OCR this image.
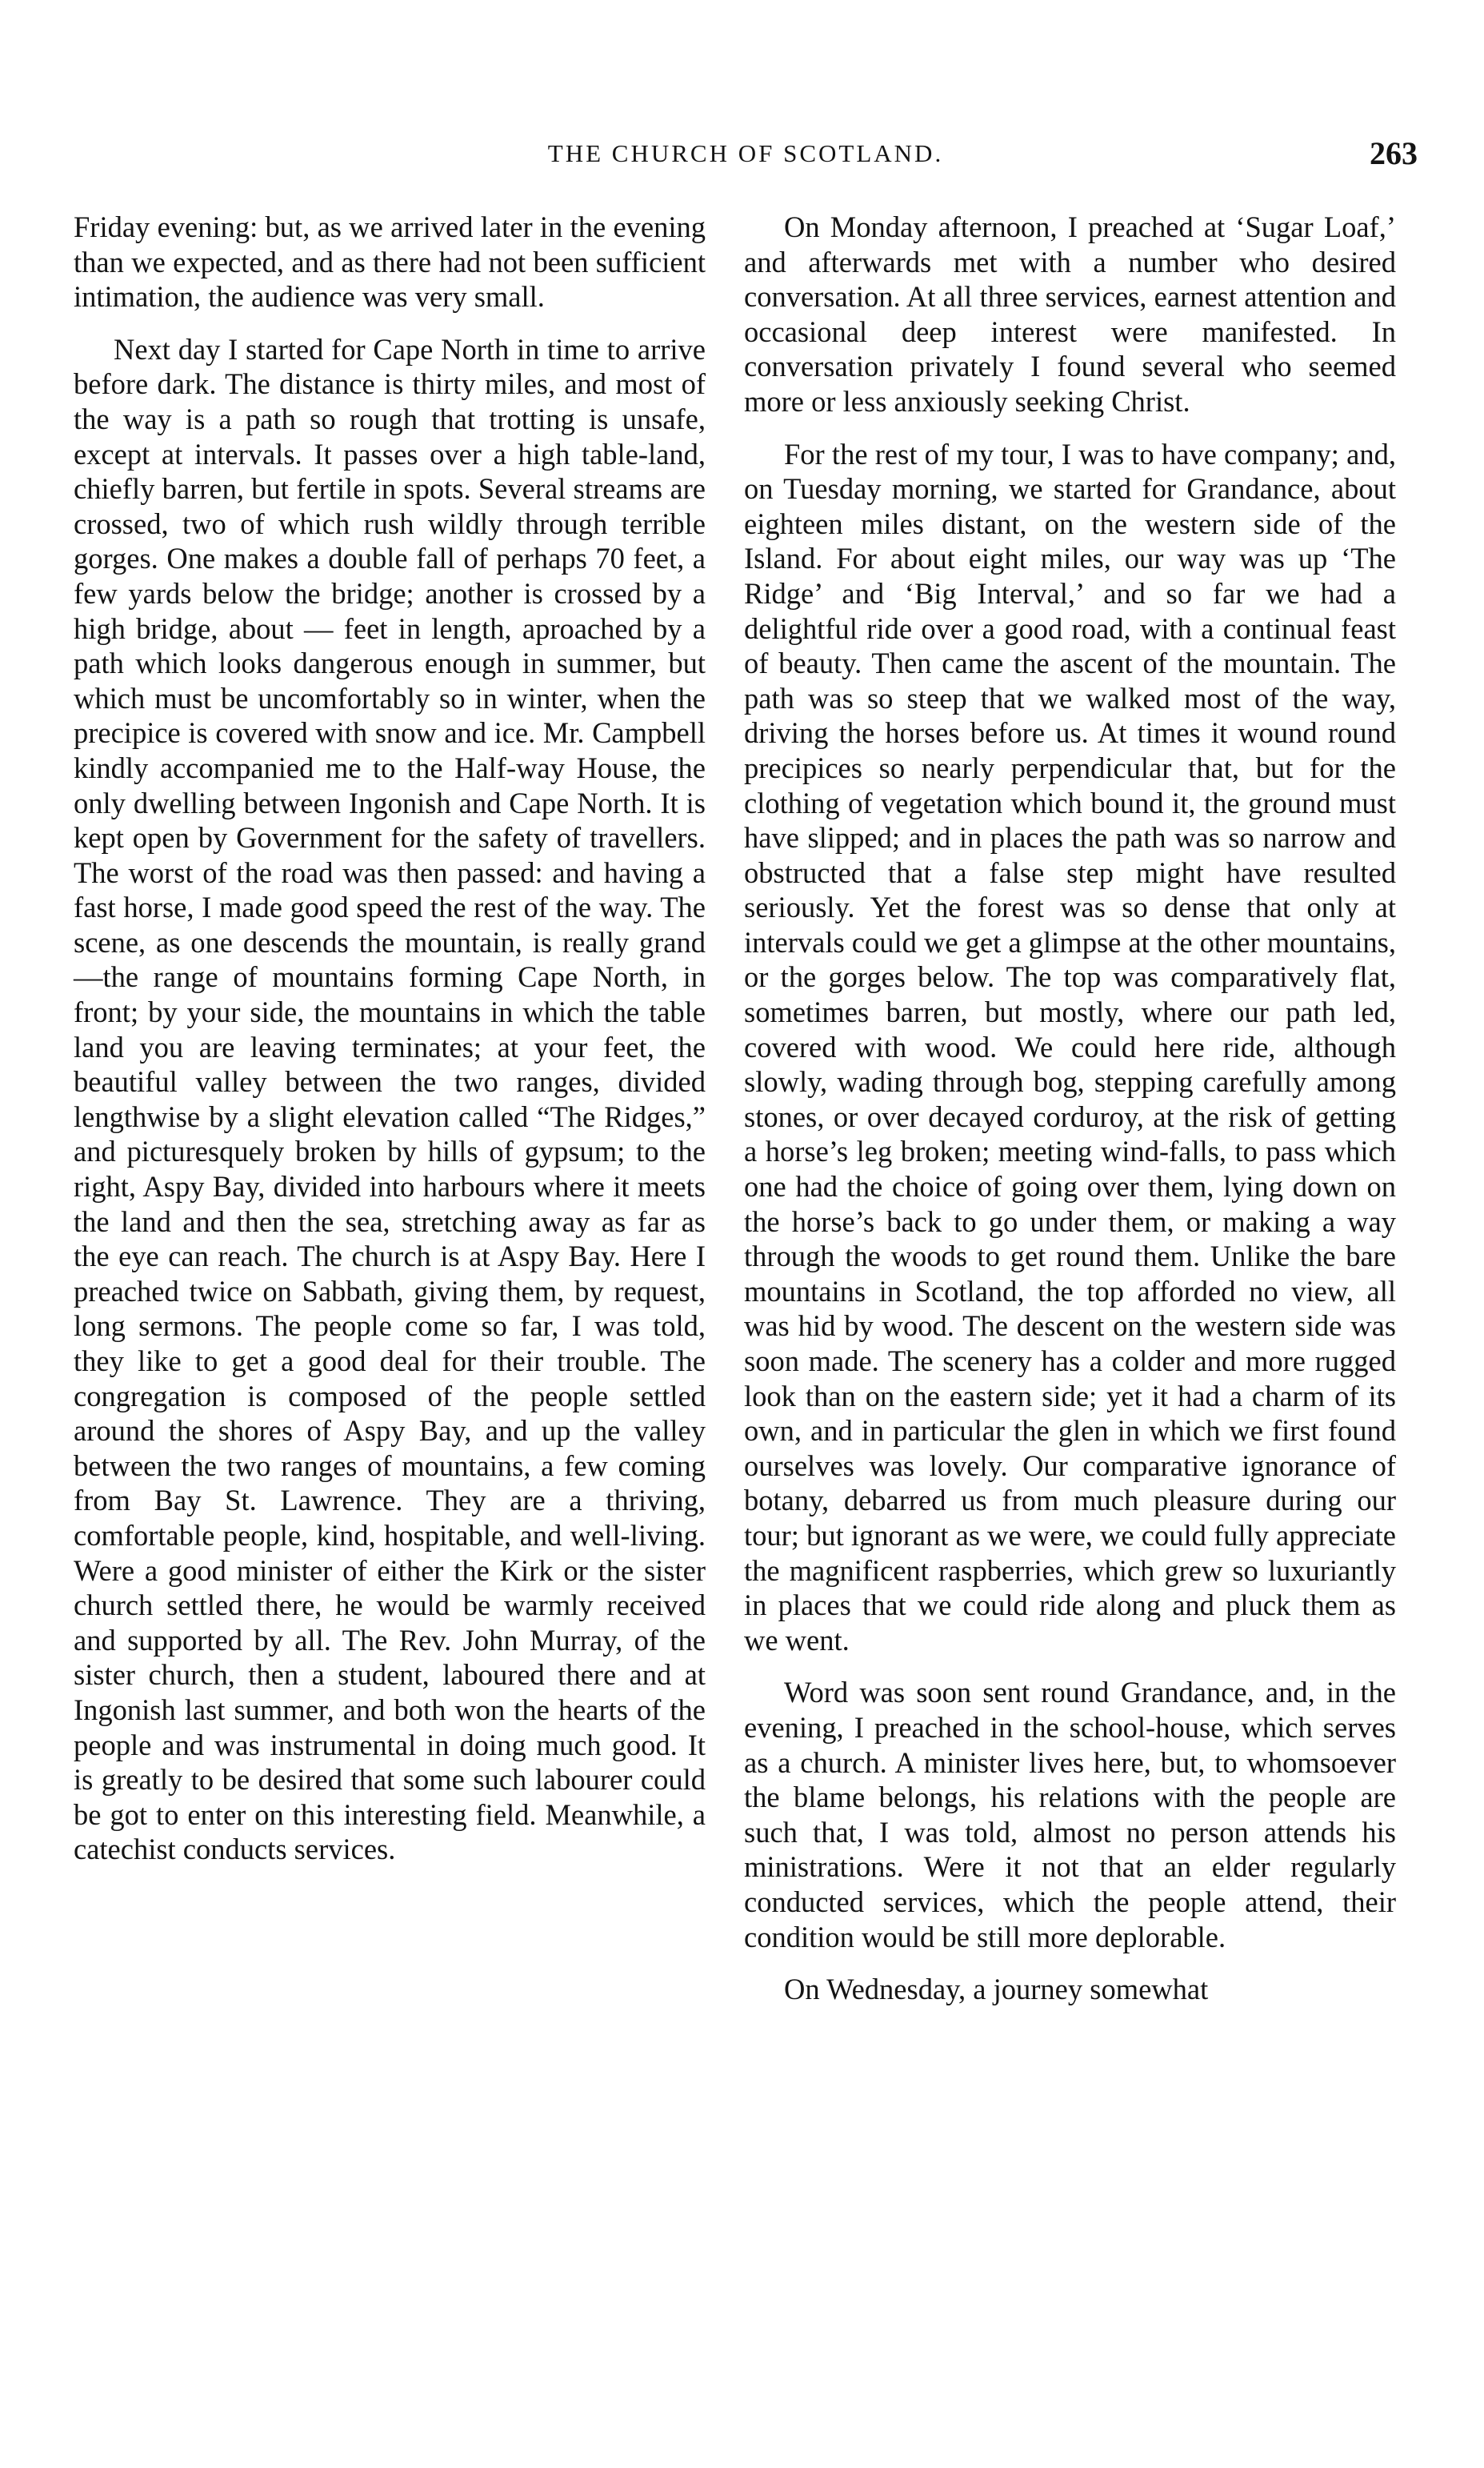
THE CHURCH OF SCOTLAND.	263

Friday evening: but, as we arrived later in the evening than we expected, and as there had not been sufficient intimation, the audience was very small.

Next day I started for Cape North in time to arrive before dark. The distance is thirty miles, and most of the way is a path so rough that trotting is unsafe, except at intervals. It passes over a high table-land, chiefly barren, but fertile in spots. Several streams are crossed, two of which rush wildly through terrible gorges. One makes a double fall of perhaps 70 feet, a few yards below the bridge; another is crossed by a high bridge, about — feet in length, aproached by a path which looks dangerous enough in summer, but which must be uncomfortably so in winter, when the precipice is covered with snow and ice. Mr. Campbell kindly accompanied me to the Half-way House, the only dwelling between Ingonish and Cape North. It is kept open by Government for the safety of travellers. The worst of the road was then passed: and having a fast horse, I made good speed the rest of the way. The scene, as one descends the mountain, is really grand—the range of mountains forming Cape North, in front; by your side, the mountains in which the table land you are leaving terminates; at your feet, the beautiful valley between the two ranges, divided lengthwise by a slight elevation called “The Ridges,” and picturesquely broken by hills of gypsum; to the right, Aspy Bay, divided into harbours where it meets the land and then the sea, stretching away as far as the eye can reach. The church is at Aspy Bay. Here I preached twice on Sabbath, giving them, by request, long sermons. The people come so far, I was told, they like to get a good deal for their trouble. The congregation is composed of the people settled around the shores of Aspy Bay, and up the valley between the two ranges of mountains, a few coming from Bay St. Lawrence. They are a thriving, comfortable people, kind, hospitable, and well-living. Were a good minister of either the Kirk or the sister church settled there, he would be warmly received and supported by all. The Rev. John Murray, of the sister church, then a student, laboured there and at Ingonish last summer, and both won the hearts of the people and was instrumental in doing much good. It is greatly to be desired that some such labourer could be got to enter on this interesting field. Meanwhile, a catechist conducts services.

On Monday afternoon, I preached at ‘Sugar Loaf,’ and afterwards met with a number who desired conversation. At all three services, earnest attention and occasional deep interest were manifested. In conversation privately I found several who seemed more or less anxiously seeking Christ.

For the rest of my tour, I was to have company; and, on Tuesday morning, we started for Grandance, about eighteen miles distant, on the western side of the Island. For about eight miles, our way was up ‘The Ridge’ and ‘Big Interval,’ and so far we had a delightful ride over a good road, with a continual feast of beauty. Then came the ascent of the mountain. The path was so steep that we walked most of the way, driving the horses before us. At times it wound round precipices so nearly perpendicular that, but for the clothing of vegetation which bound it, the ground must have slipped; and in places the path was so narrow and obstructed that a false step might have resulted seriously. Yet the forest was so dense that only at intervals could we get a glimpse at the other mountains, or the gorges below. The top was comparatively flat, sometimes barren, but mostly, where our path led, covered with wood. We could here ride, although slowly, wading through bog, stepping carefully among stones, or over decayed corduroy, at the risk of getting a horse’s leg broken; meeting wind-falls, to pass which one had the choice of going over them, lying down on the horse’s back to go under them, or making a way through the woods to get round them. Unlike the bare mountains in Scotland, the top afforded no view, all was hid by wood. The descent on the western side was soon made. The scenery has a colder and more rugged look than on the eastern side; yet it had a charm of its own, and in particular the glen in which we first found ourselves was lovely. Our comparative ignorance of botany, debarred us from much pleasure during our tour; but ignorant as we were, we could fully appreciate the magnificent raspberries, which grew so luxuriantly in places that we could ride along and pluck them as we went.

Word was soon sent round Grandance, and, in the evening, I preached in the school-house, which serves as a church. A minister lives here, but, to whomsoever the blame belongs, his relations with the people are such that, I was told, almost no person attends his ministrations. Were it not that an elder regularly conducted services, which the people attend, their condition would be still more deplorable.

On Wednesday, a journey somewhat
